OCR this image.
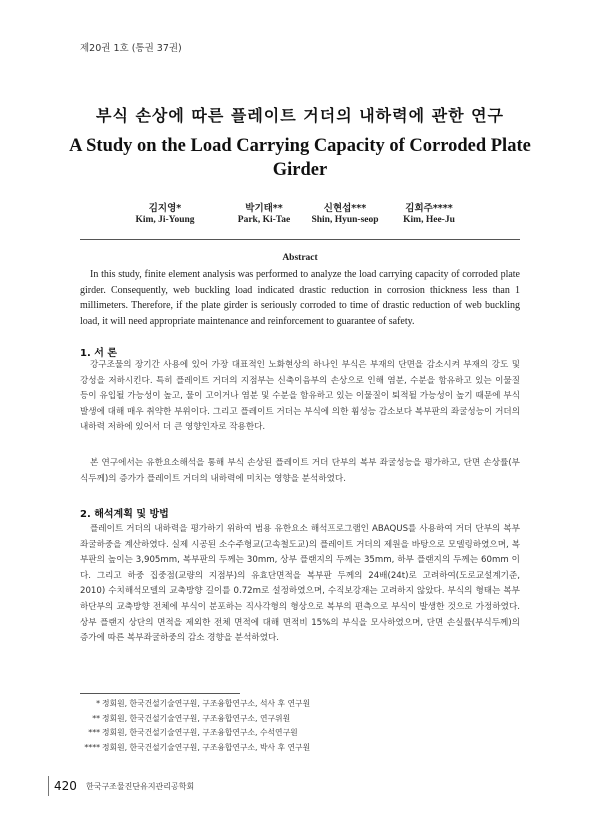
제20권 1호 (통권 37권)
부식 손상에 따른 플레이트 거더의 내하력에 관한 연구
A Study on the Load Carrying Capacity of Corroded Plate Girder
김지영*
Kim, Ji-Young
박기태**
Park, Ki-Tae
신현섭***
Shin, Hyun-seop
김희주****
Kim, Hee-Ju
Abstract
In this study, finite element analysis was performed to analyze the load carrying capacity of corroded plate girder. Consequently, web buckling load indicated drastic reduction in corrosion thickness less than 1 millimeters. Therefore, if the plate girder is seriously corroded to time of drastic reduction of web buckling load, it will need appropriate maintenance and reinforcement to guarantee of safety.
1. 서 론
강구조물의 장기간 사용에 있어 가장 대표적인 노화현상의 하나인 부식은 부재의 단면을 감소시켜 부재의 강도 및 강성을 저하시킨다. 특히 플레이트 거더의 지점부는 신축이음부의 손상으로 인해 염분, 수분을 함유하고 있는 이물질 등이 유입될 가능성이 높고, 물이 고이거나 염분 및 수분을 함유하고 있는 이물질이 퇴적될 가능성이 높기 때문에 부식 발생에 대해 매우 취약한 부위이다. 그리고 플레이트 거더는 부식에 의한 휨성능 감소보다 복부판의 좌굴성능이 거더의 내하력 저하에 있어서 더 큰 영향인자로 작용한다.
본 연구에서는 유한요소해석을 통해 부식 손상된 플레이트 거더 단부의 복부 좌굴성능을 평가하고, 단면 손상률(부식두께)의 증가가 플레이트 거더의 내하력에 미치는 영향을 분석하였다.
2. 해석계획 및 방법
플레이트 거더의 내하력을 평가하기 위하여 범용 유한요소 해석프로그램인 ABAQUS를 사용하여 거더 단부의 복부좌굴하중을 계산하였다. 실제 시공된 소수주형교(고속철도교)의 플레이트 거더의 제원을 바탕으로 모델링하였으며, 복부판의 높이는 3,905mm, 복부판의 두께는 30mm, 상부 플랜지의 두께는 35mm, 하부 플랜지의 두께는 60mm 이다. 그리고 하중 집중점(교량의 지점부)의 유효단면적을 복부판 두께의 24배(24t)로 고려하여(도로교설계기준, 2010) 수치해석모델의 교축방향 길이를 0.72m로 설정하였으며, 수직보강재는 고려하지 않았다. 부식의 형태는 복부 하단부의 교축방향 전체에 부식이 분포하는 직사각형의 형상으로 복부의 편측으로 부식이 발생한 것으로 가정하였다. 상부 플랜지 상단의 면적을 제외한 전체 면적에 대해 면적비 15%의 부식을 모사하였으며, 단면 손실률(부식두께)의 증가에 따른 복부좌굴하중의 감소 경향을 분석하였다.
* 정회원, 한국건설기술연구원, 구조융합연구소, 석사 후 연구원
** 정회원, 한국건설기술연구원, 구조융합연구소, 연구위원
*** 정회원, 한국건설기술연구원, 구조융합연구소, 수석연구원
**** 정회원, 한국건설기술연구원, 구조융합연구소, 박사 후 연구원
420 한국구조물진단유지관리공학회
